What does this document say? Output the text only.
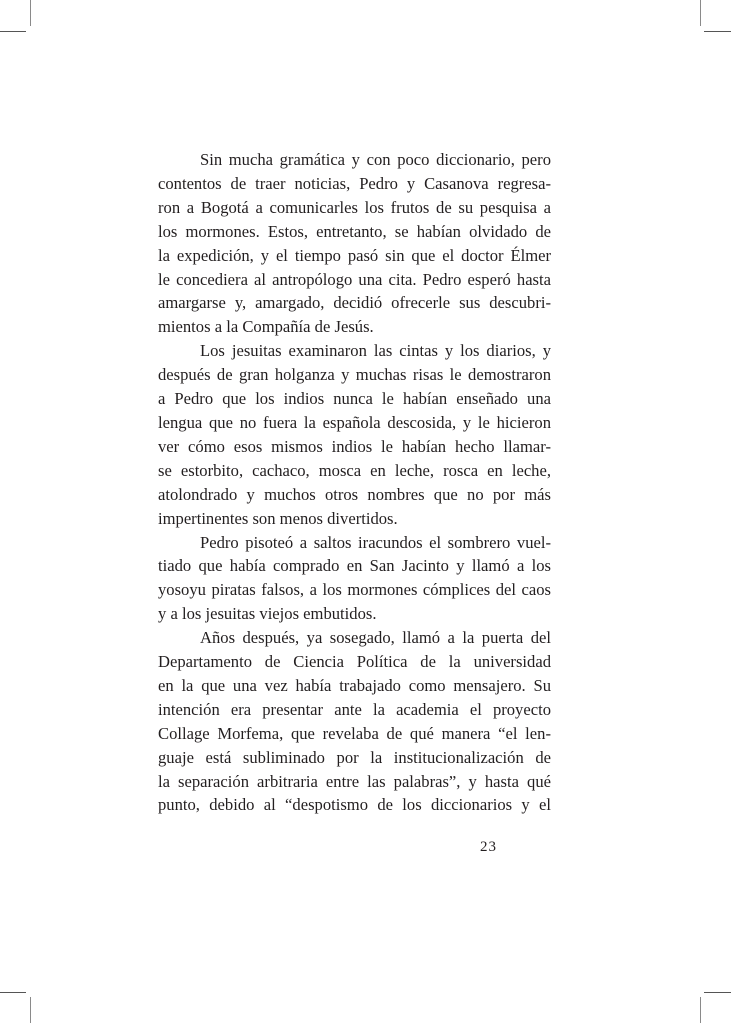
Sin mucha gramática y con poco diccionario, pero
contentos de traer noticias, Pedro y Casanova regresa-
ron a Bogotá a comunicarles los frutos de su pesquisa a
los mormones. Estos, entretanto, se habían olvidado de
la expedición, y el tiempo pasó sin que el doctor Élmer
le concediera al antropólogo una cita. Pedro esperó hasta
amargarse y, amargado, decidió ofrecerle sus descubri-
mientos a la Compañía de Jesús.

Los jesuitas examinaron las cintas y los diarios, y
después de gran holganza y muchas risas le demostraron
a Pedro que los indios nunca le habían enseñado una
lengua que no fuera la española descosida, y le hicieron
ver cómo esos mismos indios le habían hecho llamar-
se estorbito, cachaco, mosca en leche, rosca en leche,
atolondrado y muchos otros nombres que no por más
impertinentes son menos divertidos.

Pedro pisoteó a saltos iracundos el sombrero vuel-
tiado que había comprado en San Jacinto y llamó a los
yosoyu piratas falsos, a los mormones cómplices del caos
y a los jesuitas viejos embutidos.

Años después, ya sosegado, llamó a la puerta del
Departamento de Ciencia Política de la universidad
en la que una vez había trabajado como mensajero. Su
intención era presentar ante la academia el proyecto
Collage Morfema, que revelaba de qué manera “el len-
guaje está subliminado por la institucionalización de
la separación arbitraria entre las palabras”, y hasta qué
punto, debido al “despotismo de los diccionarios y el

23
